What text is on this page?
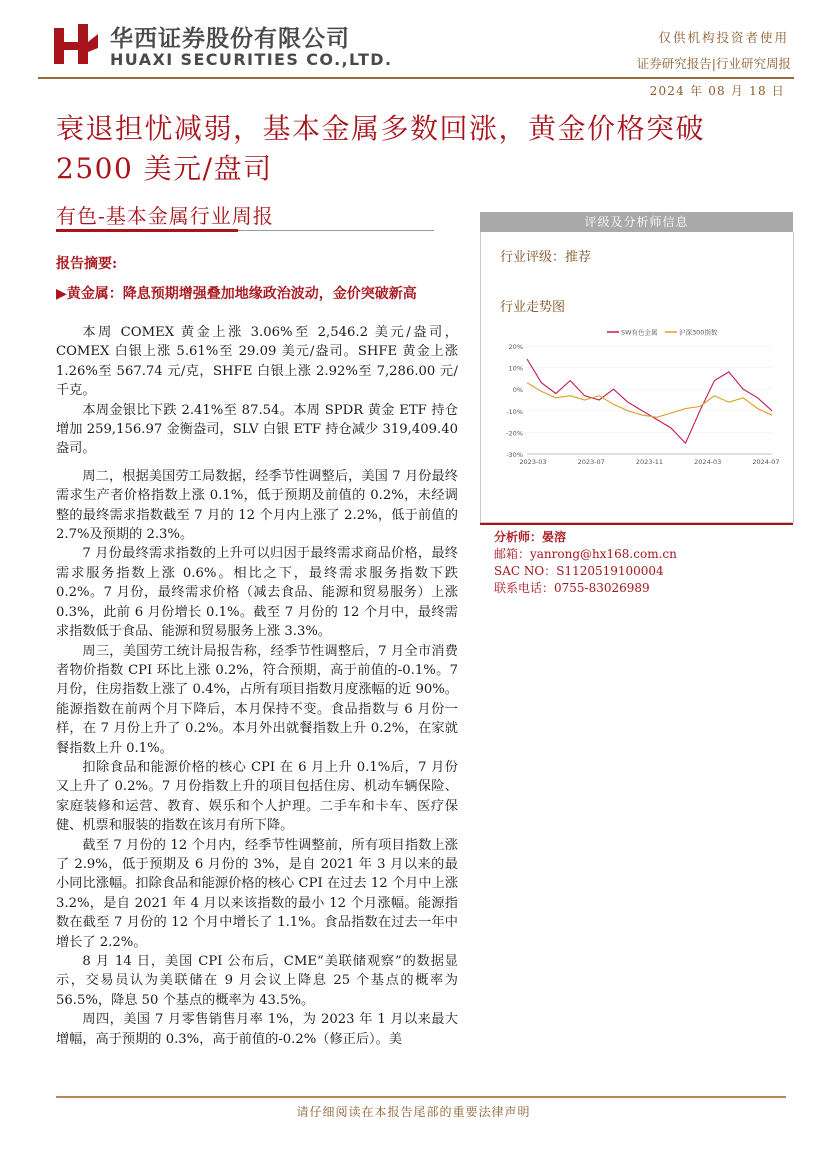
华西证券股份有限公司
HUAXI SECURITIES CO.,LTD.
仅供机构投资者使用
证券研究报告|行业研究周报
2024 年 08 月 18 日
衰退担忧减弱，基本金属多数回涨，黄金价格突破 2500 美元/盘司
有色-基本金属行业周报
报告摘要:
▶黄金属：降息预期增强叠加地缘政治波动，金价突破新高

本周 COMEX 黄金上涨 3.06%至 2,546.2 美元/盎司，COMEX 白银上涨 5.61%至 29.09 美元/盎司。SHFE 黄金上涨 1.26%至 567.74 元/克，SHFE 白银上涨 2.92%至 7,286.00 元/千克。

本周金银比下跌 2.41%至 87.54。本周 SPDR 黄金 ETF 持仓增加 259,156.97 金衡盎司，SLV 白银 ETF 持仓减少 319,409.40 盎司。

周二，根据美国劳工局数据，经季节性调整后，美国 7 月份最终需求生产者价格指数上涨 0.1%，低于预期及前值的 0.2%，未经调整的最终需求指数截至 7 月的 12 个月内上涨了 2.2%，低于前值的 2.7%及预期的 2.3%。

7 月份最终需求指数的上升可以归因于最终需求商品价格，最终需求服务指数上涨 0.6%。相比之下，最终需求服务指数下跌 0.2%。7 月份，最终需求价格（减去食品、能源和贸易服务）上涨 0.3%，此前 6 月份增长 0.1%。截至 7 月份的 12 个月中，最终需求指数低于食品、能源和贸易服务上涨 3.3%。

周三，美国劳工统计局报告称，经季节性调整后，7 月全市消费者物价指数 CPI 环比上涨 0.2%，符合预期，高于前值的-0.1%。7 月份，住房指数上涨了 0.4%，占所有项目指数月度涨幅的近 90%。能源指数在前两个月下降后，本月保持不变。食品指数与 6 月份一样，在 7 月份上升了 0.2%。本月外出就餐指数上升 0.2%，在家就餐指数上升 0.1%。

扣除食品和能源价格的核心 CPI 在 6 月上升 0.1%后，7 月份又上升了 0.2%。7 月份指数上升的项目包括住房、机动车辆保险、家庭装修和运营、教育、娱乐和个人护理。二手车和卡车、医疗保健、机票和服装的指数在该月有所下降。

截至 7 月份的 12 个月内，经季节性调整前，所有项目指数上涨了 2.9%，低于预期及 6 月份的 3%，是自 2021 年 3 月以来的最小同比涨幅。扣除食品和能源价格的核心 CPI 在过去 12 个月中上涨 3.2%，是自 2021 年 4 月以来该指数的最小 12 个月涨幅。能源指数在截至 7 月份的 12 个月中增长了 1.1%。食品指数在过去一年中增长了 2.2%。

8 月 14 日，美国 CPI 公布后，CME“美联储观察”的数据显示，交易员认为美联储在 9 月会议上降息 25 个基点的概率为 56.5%，降息 50 个基点的概率为 43.5%。

周四，美国 7 月零售销售月率 1%，为 2023 年 1 月以来最大增幅，高于预期的 0.3%，高于前值的-0.2%（修正后）。美

评级及分析师信息
行业评级：推荐
行业走势图
20%
10%
0%
-10%
-20%
-30%
2023-03	2023-07	2023-11	2024-03	2024-07
SW有色金属	沪深300指数
分析师：晏溶
邮箱：yanrong@hx168.com.cn
SAC NO：S1120519100004
联系电话：0755-83026989
请仔细阅读在本报告尾部的重要法律声明
